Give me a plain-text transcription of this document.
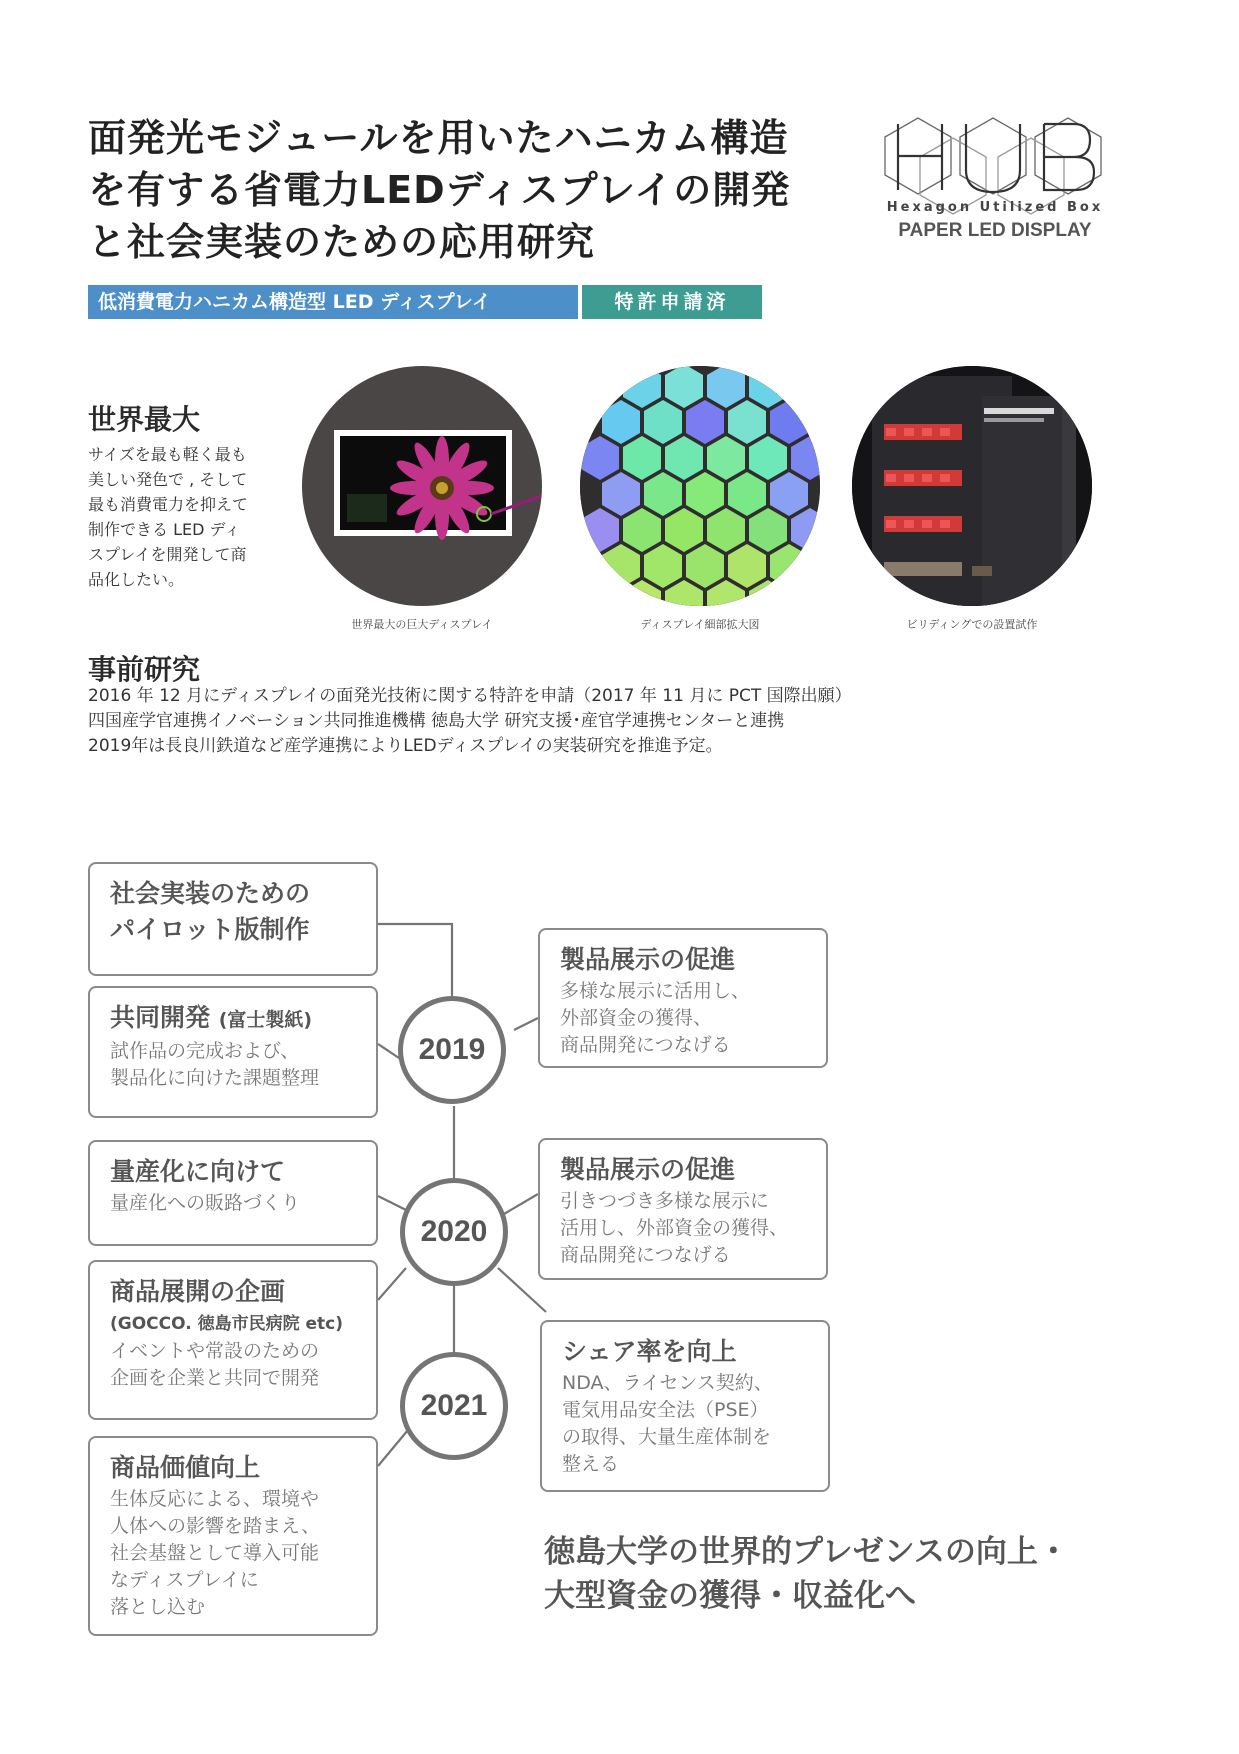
面発光モジュールを用いたハニカム構造
を有する省電力LEDディスプレイの開発
と社会実装のための応用研究
Hexagon Utilized Box
PAPER LED DISPLAY
低消費電力ハニカム構造型 LED ディスプレイ	特許申請済
世界最大
サイズを最も軽く最も
美しい発色で , そして
最も消費電力を抑えて
制作できる LED ディ
スプレイを開発して商
品化したい。
世界最大の巨大ディスプレイ	ディスプレイ細部拡大図	ビリディングでの設置試作
事前研究
2016 年 12 月にディスプレイの面発光技術に関する特許を申請（2017 年 11 月に PCT 国際出願）
四国産学官連携イノベーション共同推進機構 徳島大学 研究支援･産官学連携センターと連携
2019年は長良川鉄道など産学連携によりLEDディスプレイの実装研究を推進予定。
2019
2020
2021
社会実装のための
パイロット版制作
共同開発 (富士製紙)
試作品の完成および、
製品化に向けた課題整理
量産化に向けて
量産化への販路づくり
商品展開の企画
(GOCCO. 徳島市民病院 etc)
イベントや常設のための
企画を企業と共同で開発
商品価値向上
生体反応による、環境や
人体への影響を踏まえ、
社会基盤として導入可能
なディスプレイに
落とし込む
製品展示の促進
多様な展示に活用し、
外部資金の獲得、
商品開発につなげる
製品展示の促進
引きつづき多様な展示に
活用し、外部資金の獲得、
商品開発につなげる
シェア率を向上
NDA、ライセンス契約、
電気用品安全法（PSE）
の取得、大量生産体制を
整える
徳島大学の世界的プレゼンスの向上・
大型資金の獲得・収益化へ
